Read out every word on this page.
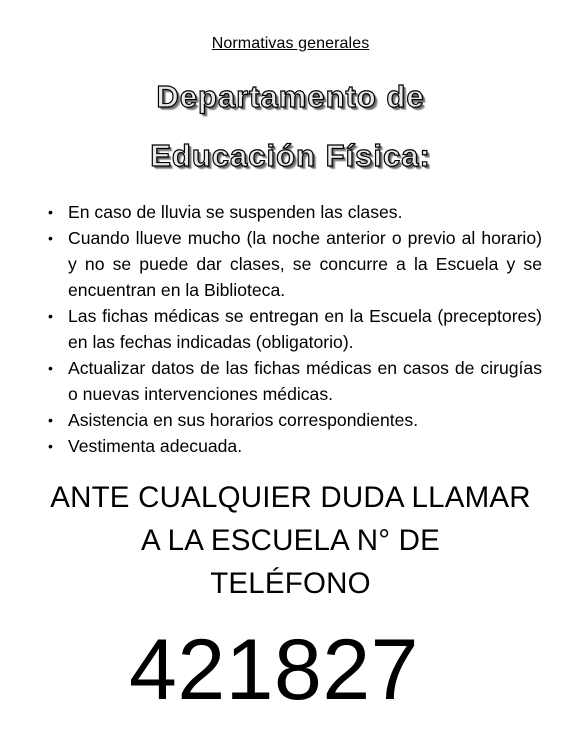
Normativas generales
Departamento de
Educación Física:
• En caso de lluvia se suspenden las clases.
• Cuando llueve mucho (la noche anterior o previo al horario) y no se puede dar clases, se concurre a la Escuela y se encuentran en la Biblioteca.
• Las fichas médicas se entregan en la Escuela (preceptores) en las fechas indicadas (obligatorio).
• Actualizar datos de las fichas médicas en casos de cirugías o nuevas intervenciones médicas.
• Asistencia en sus horarios correspondientes.
• Vestimenta adecuada.
ANTE CUALQUIER DUDA LLAMAR
A LA ESCUELA N° DE
TELÉFONO
421827
